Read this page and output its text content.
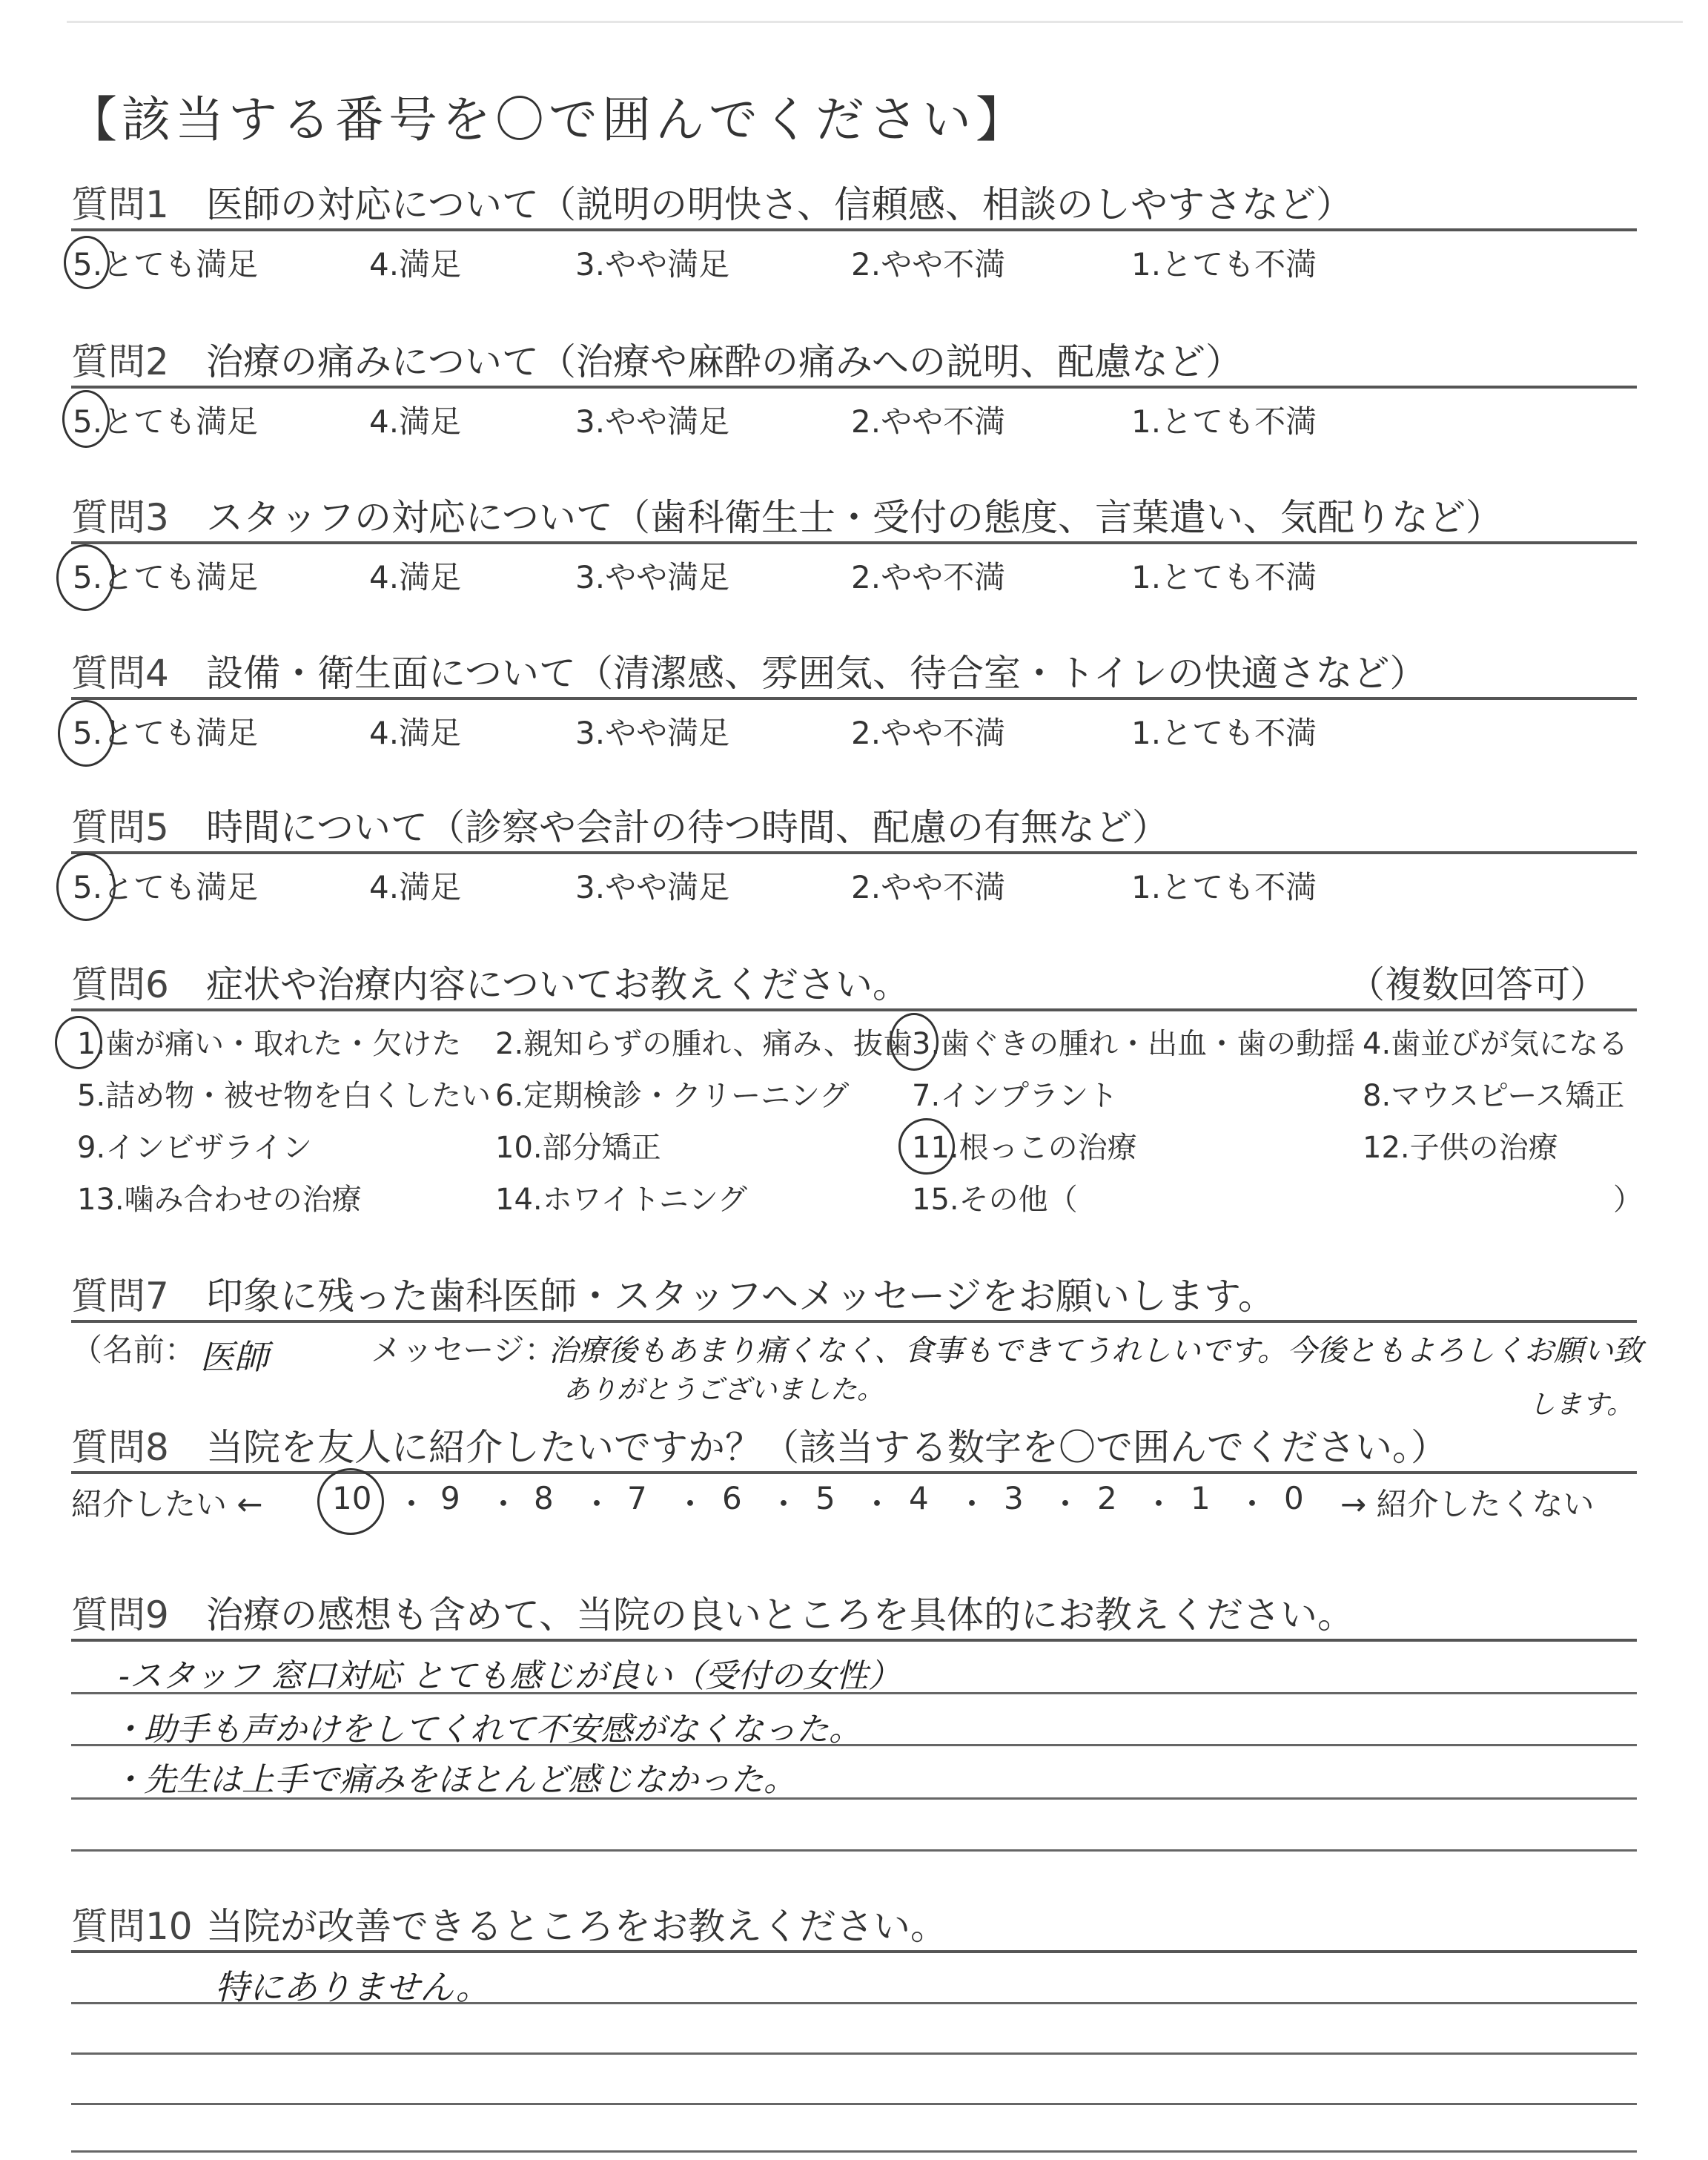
【該当する番号を〇で囲んでください】
質問1 医師の対応について（説明の明快さ、信頼感、相談のしやすさなど）
5.とても満足	4.満足	3.やや満足	2.やや不満	1.とても不満
質問2 治療の痛みについて（治療や麻酔の痛みへの説明、配慮など）
5.とても満足	4.満足	3.やや満足	2.やや不満	1.とても不満
質問3 スタッフの対応について（歯科衛生士・受付の態度、言葉遣い、気配りなど）
5.とても満足	4.満足	3.やや満足	2.やや不満	1.とても不満
質問4 設備・衛生面について（清潔感、雰囲気、待合室・トイレの快適さなど）
5.とても満足	4.満足	3.やや満足	2.やや不満	1.とても不満
質問5 時間について（診察や会計の待つ時間、配慮の有無など）
5.とても満足	4.満足	3.やや満足	2.やや不満	1.とても不満
質問6 症状や治療内容についてお教えください。	（複数回答可）
1.歯が痛い・取れた・欠けた 2.親知らずの腫れ、痛み、抜歯 3.歯ぐきの腫れ・出血・歯の動揺 4.歯並びが気になる
5.詰め物・被せ物を白くしたい 6.定期検診・クリーニング 7.インプラント	8.マウスピース矯正
9.インビザライン	10.部分矯正	11.根っこの治療	12.子供の治療
13.噛み合わせの治療	14.ホワイトニング	15.その他（	）
質問7 印象に残った歯科医師・スタッフへメッセージをお願いします。
（名前： 医師	メッセージ：
治療後もあまり痛くなく、食事もできてうれしいです。今後ともよろしくお願い致
ありがとうございました。	します。
質問8 当院を友人に紹介したいですか？（該当する数字を〇で囲んでください。）
紹介したい ← 10 ・ 9 ・ 8 ・ 7 ・ 6 ・ 5 ・ 4 ・ 3 ・ 2 ・ 1 ・ 0 → 紹介したくない
質問9 治療の感想も含めて、当院の良いところを具体的にお教えください。
-スタッフ 窓口対応 とても感じが良い（受付の女性）
・助手も声かけをしてくれて不安感がなくなった。
・先生は上手で痛みをほとんど感じなかった。
質問10 当院が改善できるところをお教えください。
特にありません。
